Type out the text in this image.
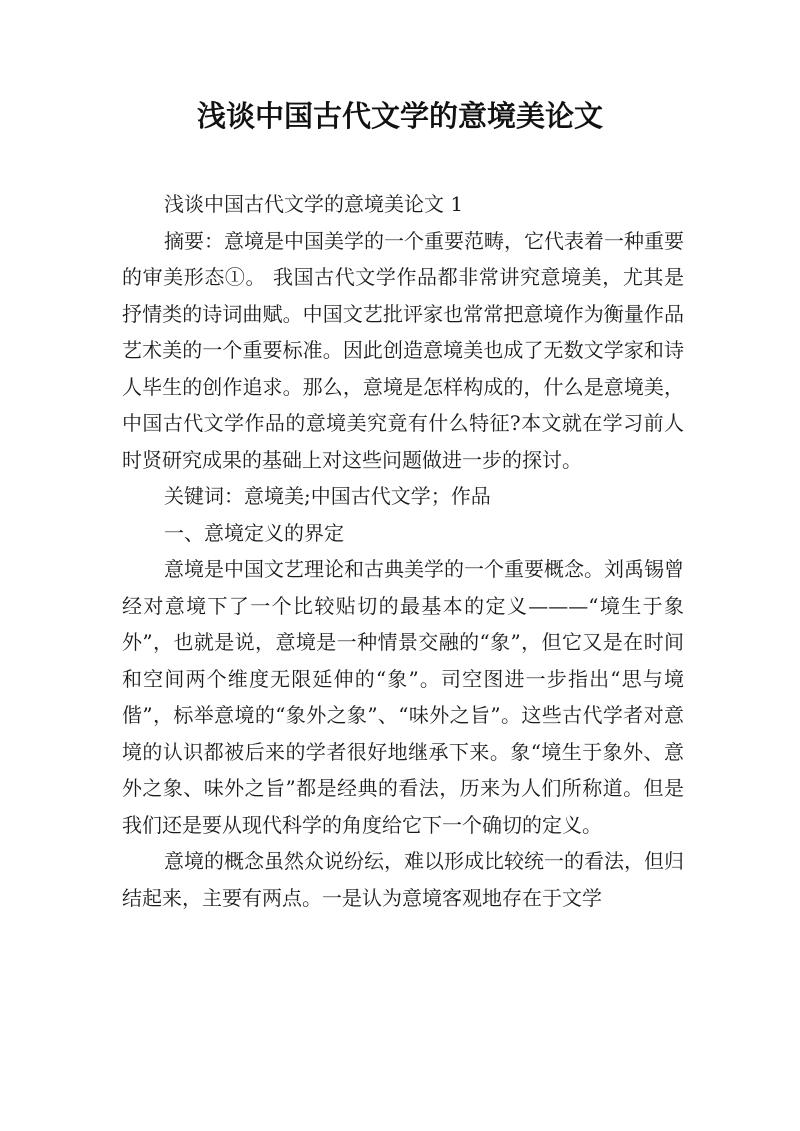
浅谈中国古代文学的意境美论文

浅谈中国古代文学的意境美论文 1

摘要：意境是中国美学的一个重要范畴，它代表着一种重要的审美形态①。 我国古代文学作品都非常讲究意境美，尤其是抒情类的诗词曲赋。中国文艺批评家也常常把意境作为衡量作品艺术美的一个重要标准。因此创造意境美也成了无数文学家和诗人毕生的创作追求。那么，意境是怎样构成的，什么是意境美，中国古代文学作品的意境美究竟有什么特征?本文就在学习前人时贤研究成果的基础上对这些问题做进一步的探讨。

关键词：意境美;中国古代文学；作品

一、意境定义的界定

意境是中国文艺理论和古典美学的一个重要概念。刘禹锡曾经对意境下了一个比较贴切的最基本的定义———“境生于象外”，也就是说，意境是一种情景交融的“象”，但它又是在时间和空间两个维度无限延伸的“象”。司空图进一步指出“思与境偕”，标举意境的“象外之象”、“味外之旨”。这些古代学者对意境的认识都被后来的学者很好地继承下来。象“境生于象外、意外之象、味外之旨”都是经典的看法，历来为人们所称道。但是我们还是要从现代科学的角度给它下一个确切的定义。

意境的概念虽然众说纷纭，难以形成比较统一的看法，但归结起来，主要有两点。一是认为意境客观地存在于文学
